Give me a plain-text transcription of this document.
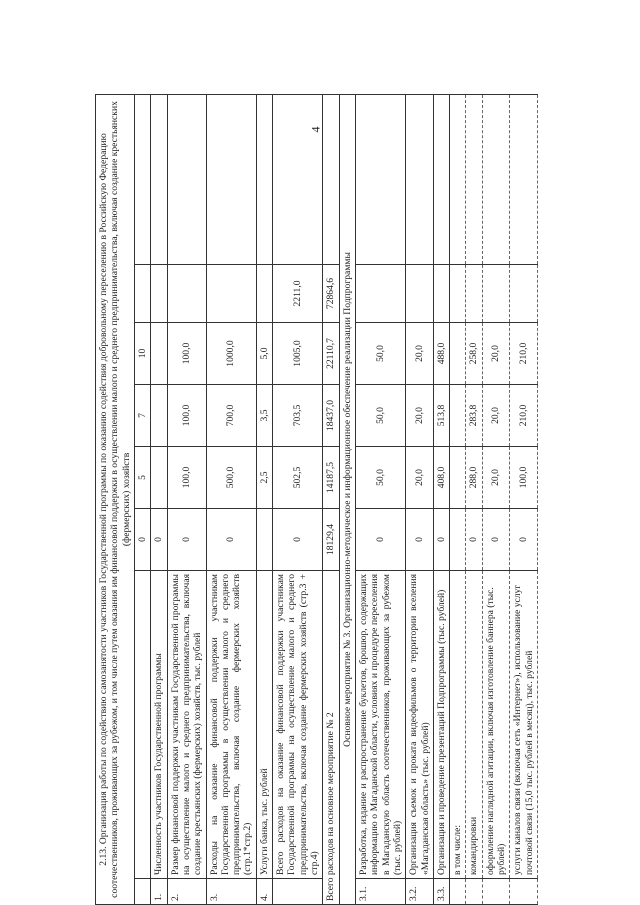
4
2.13. Организация работы по содействию самозанятости участников Государственной программы по оказанию содействия добровольному переселению в Российскую Федерацию соотечественников, проживающих за рубежом, и том числе путем оказания им финансовой поддержки в осуществлении малого и среднего предпринимательства, включая создание крестьянских (фермерских) хозяйств							
		0	5	7	10		
1.	Численность участников Государственной программы	0					
2.	Размер финансовой поддержки участникам Государственной программы на осуществление малого и среднего предпринимательства, включая создание крестьянских (фермерских) хозяйств, тыс. рублей	0	100,0	100,0	100,0		
3.	Расходы на оказание финансовой поддержки участникам Государственной программы в осуществлении малого и среднего предпринимательства, включая создание фермерских хозяйств (стр.1*стр.2)	0	500,0	700,0	1000,0		
4.	Услуги банка, тыс. рублей		2,5	3,5	5,0		
	Всего расходов на оказание финансовой поддержки участникам Государственной программы на осуществление малого и среднего предпринимательства, включая создание фермерских хозяйств (стр.3 + стр.4)	0	502,5	703,5	1005,0	2211,0	
Всего расходов на основное мероприятие № 2		18129,4	14187,5	18437,0	22110,7	72864,6	
Основное мероприятие № 3. Организационно-методическое и информационное обеспечение реализации Подпрограммы							
3.1.	Разработка, издание и распространение буклетов, брошюр, содержащих информацию о Магаданской области, условиях и процедуре переселения в Магаданскую область соотечественников, проживающих за рубежом (тыс. рублей)	0	50,0	50,0	50,0		
3.2.	Организация съемок и проката видеофильмов о территории вселения «Магаданская область» (тыс. рублей)	0	20,0	20,0	20,0		
3.3.	Организация и проведение презентаций Подпрограммы (тыс. рублей)	0	408,0	513,8	488,0		
	в том числе:						
	командировки	0	288,0	283,8	258,0		
	оформление наглядной агитации, включая изготовление баннера (тыс. рублей)	0	20,0	20,0	20,0		
	услуги каналов связи (включая сеть «Интернет»), использование услуг почтовой связи (15,0 тыс. рублей в месяц), тыс. рублей	0	100,0	210,0	210,0		
